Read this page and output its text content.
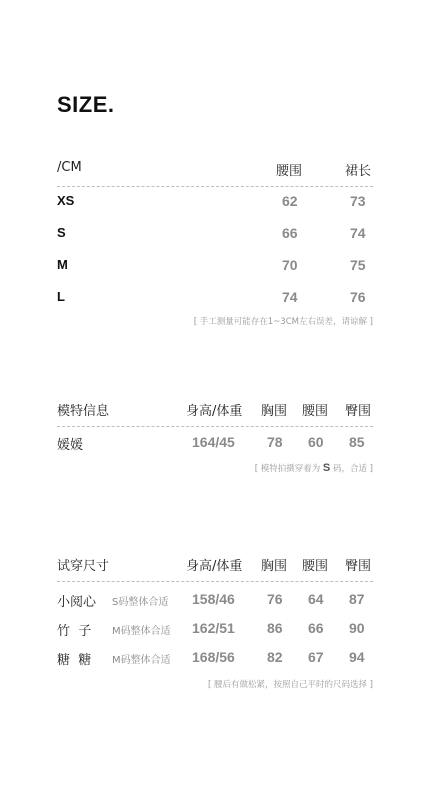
SIZE.
/CM	腰围	裙长
XS	62	73
S	66	74
M	70	75
L	74	76
[ 手工测量可能存在1~3CM左右误差，请谅解 ]
模特信息	身高/体重 胸围 腰围 臀围
媛媛	164/45 78 60 85
[ 模特拍摄穿着为 S 码，合适 ]
试穿尺寸	身高/体重 胸围 腰围 臀围
小阅心 S码整体合适 158/46 76 64 87
竹  子 M码整体合适 162/51 86 66 90
糖  糖 M码整体合适 168/56 82 67 94
[ 腰后有做松紧，按照自己平时的尺码选择 ]
